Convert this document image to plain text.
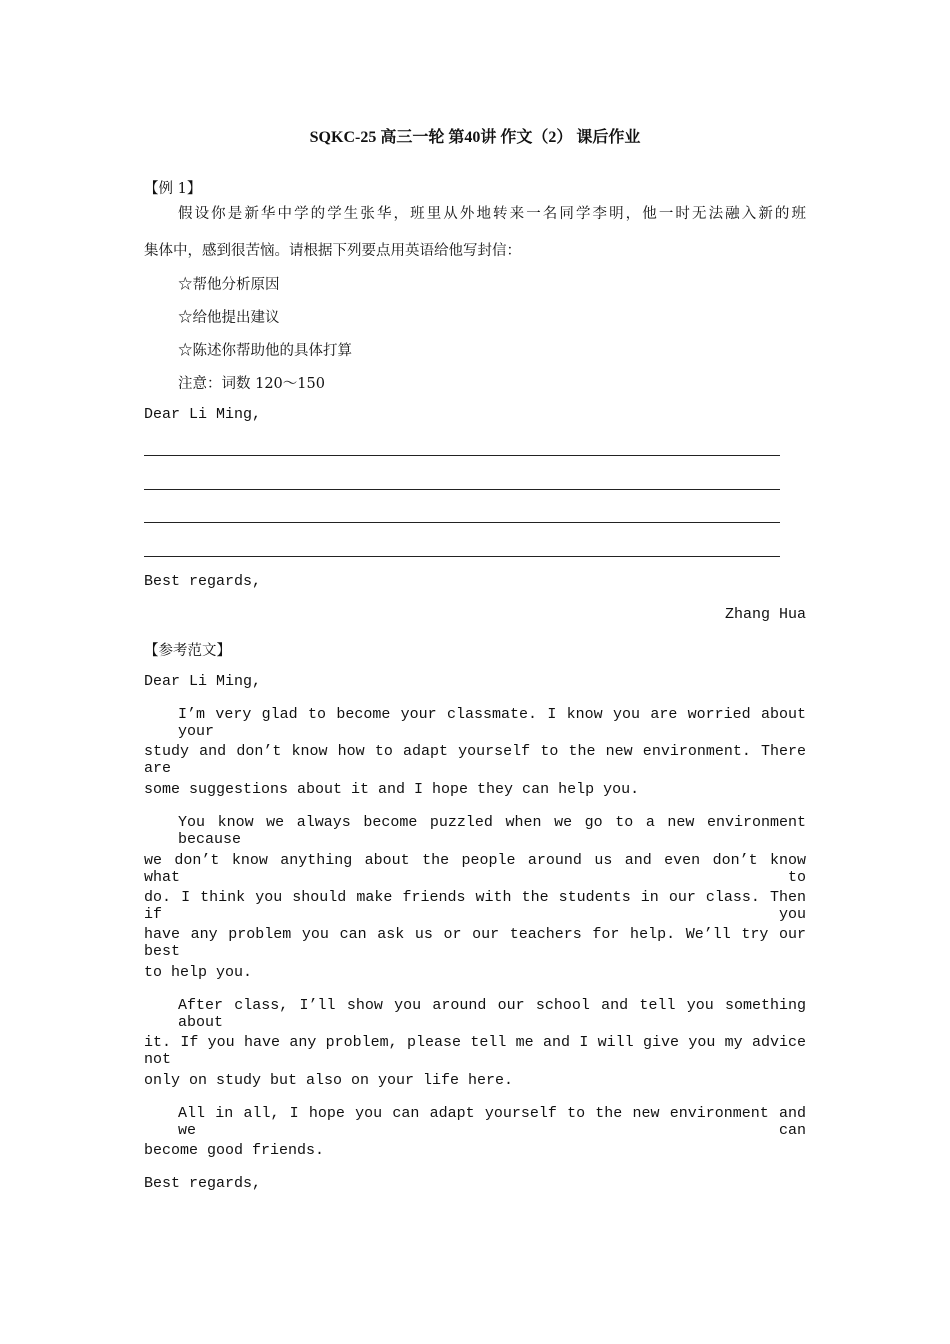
SQKC-25 高三一轮 第40讲 作文（2） 课后作业
【例 1】
假设你是新华中学的学生张华，班里从外地转来一名同学李明，他一时无法融入新的班
集体中，感到很苦恼。请根据下列要点用英语给他写封信：
☆帮他分析原因
☆给他提出建议
☆陈述你帮助他的具体打算
注意：词数 120～150
Dear Li Ming,
Best regards,
Zhang Hua
【参考范文】
Dear Li Ming,
I’m very glad to become your classmate. I know you are worried about your
study and don’t know how to adapt yourself to the new environment. There are
some suggestions about it and I hope they can help you.
You know we always become puzzled when we go to a new environment because
we don’t know anything about the people around us and even don’t know what to
do. I think you should make friends with the students in our class. Then if you
have any problem you can ask us or our teachers for help. We’ll try our best
to help you.
After class, I’ll show you around our school and tell you something about
it. If you have any problem, please tell me and I will give you my advice not
only on study but also on your life here.
All in all, I hope you can adapt yourself to the new environment and we can
become good friends.
Best regards,
